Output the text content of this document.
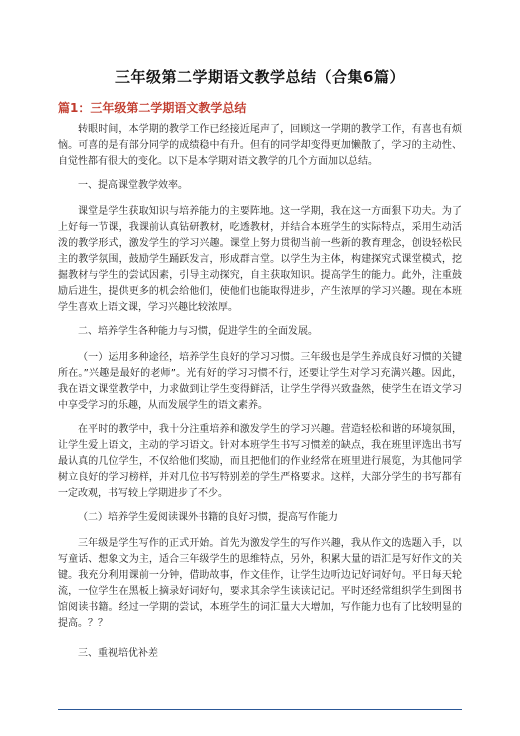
三年级第二学期语文教学总结（合集6篇）
篇1：三年级第二学期语文教学总结

转眼时间，本学期的教学工作已经接近尾声了，回顾这一学期的教学工作，有喜也有烦恼。可喜的是有部分同学的成绩稳中有升。但有的同学却变得更加懒散了，学习的主动性、自觉性都有很大的变化。以下是本学期对语文教学的几个方面加以总结。

一、提高课堂教学效率。

课堂是学生获取知识与培养能力的主要阵地。这一学期，我在这一方面狠下功夫。为了上好每一节课，我课前认真钻研教材，吃透教材，并结合本班学生的实际特点，采用生动活泼的教学形式，激发学生的学习兴趣。课堂上努力贯彻当前一些新的教育理念，创设轻松民主的教学氛围，鼓励学生踊跃发言，形成群言堂。以学生为主体，构建探究式课堂模式，挖掘教材与学生的尝试因素，引导主动探究，自主获取知识。提高学生的能力。此外，注重鼓励后进生，提供更多的机会给他们，使他们也能取得进步，产生浓厚的学习兴趣。现在本班学生喜欢上语文课，学习兴趣比较浓厚。

二、培养学生各种能力与习惯，促进学生的全面发展。

（一）运用多种途径，培养学生良好的学习习惯。三年级也是学生养成良好习惯的关键所在。”兴趣是最好的老师”。光有好的学习习惯不行，还要让学生对学习充满兴趣。因此，我在语文课堂教学中，力求做到让学生变得鲜活，让学生学得兴致盎然，使学生在语文学习中享受学习的乐趣，从而发展学生的语文素养。

在平时的教学中，我十分注重培养和激发学生的学习兴趣。营造轻松和谐的环境氛围，让学生爱上语文，主动的学习语文。针对本班学生书写习惯差的缺点，我在班里评选出书写最认真的几位学生，不仅给他们奖励，而且把他们的作业经常在班里进行展览，为其他同学树立良好的学习榜样，并对几位书写特别差的学生严格要求。这样，大部分学生的书写都有一定改观，书写较上学期进步了不少。

（二）培养学生爱阅读课外书籍的良好习惯，提高写作能力

三年级是学生写作的正式开始。首先为激发学生的写作兴趣，我从作文的选题入手，以写童话、想象文为主，适合三年级学生的思维特点，另外，积累大量的语汇是写好作文的关键。我充分利用课前一分钟，借助故事，作文佳作，让学生边听边记好词好句。平日每天轮流，一位学生在黑板上摘录好词好句，要求其余学生读读记记。平时还经常组织学生到图书馆阅读书籍。经过一学期的尝试，本班学生的词汇量大大增加，写作能力也有了比较明显的提高。？？

三、重视培优补差
